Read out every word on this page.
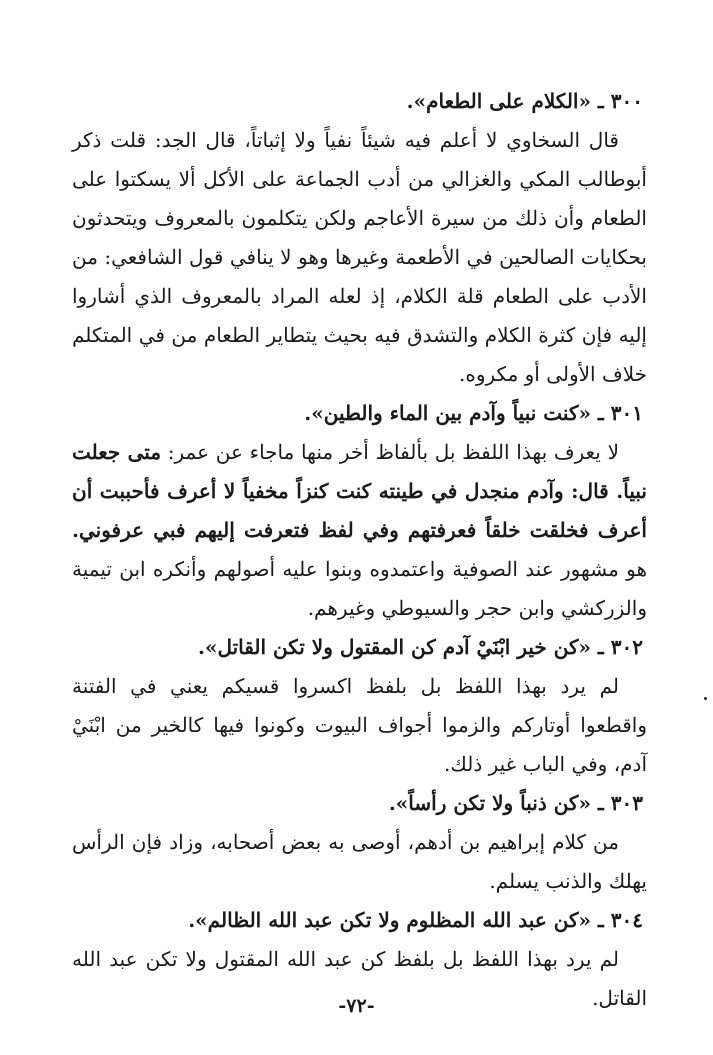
٣٠٠ ـ «الكلام على الطعام».

قال السخاوي لا أعلم فيه شيئاً نفياً ولا إثباتاً، قال الجد: قلت ذكر أبوطالب المكي والغزالي من أدب الجماعة على الأكل ألا يسكتوا على الطعام وأن ذلك من سيرة الأعاجم ولكن يتكلمون بالمعروف ويتحدثون بحكايات الصالحين في الأطعمة وغيرها وهو لا ينافي قول الشافعي: من الأدب على الطعام قلة الكلام، إذ لعله المراد بالمعروف الذي أشاروا إليه فإن كثرة الكلام والتشدق فيه بحيث يتطاير الطعام من في المتكلم خلاف الأولى أو مكروه.

٣٠١ ـ «كنت نبياً وآدم بين الماء والطين».

لا يعرف بهذا اللفظ بل بألفاظ أخر منها ماجاء عن عمر: متى جعلت نبياً. قال: وآدم منجدل في طينته كنت كنزاً مخفياً لا أعرف فأحببت أن أعرف فخلقت خلقاً فعرفتهم وفي لفظ فتعرفت إليهم فبي عرفوني. هو مشهور عند الصوفية واعتمدوه وبنوا عليه أصولهم وأنكره ابن تيمية والزركشي وابن حجر والسيوطي وغيرهم.

٣٠٢ ـ «كن خير ابْنَيْ آدم كن المقتول ولا تكن القاتل».

لم يرد بهذا اللفظ بل بلفظ اكسروا قسيكم يعني في الفتنة واقطعوا أوتاركم والزموا أجواف البيوت وكونوا فيها كالخير من ابْنَيْ آدم، وفي الباب غير ذلك.

٣٠٣ ـ «كن ذنباً ولا تكن رأساً».

من كلام إبراهيم بن أدهم، أوصى به بعض أصحابه، وزاد فإن الرأس يهلك والذنب يسلم.

٣٠٤ ـ «كن عبد الله المظلوم ولا تكن عبد الله الظالم».

لم يرد بهذا اللفظ بل بلفظ كن عبد الله المقتول ولا تكن عبد الله القاتل.

-٧٢-
